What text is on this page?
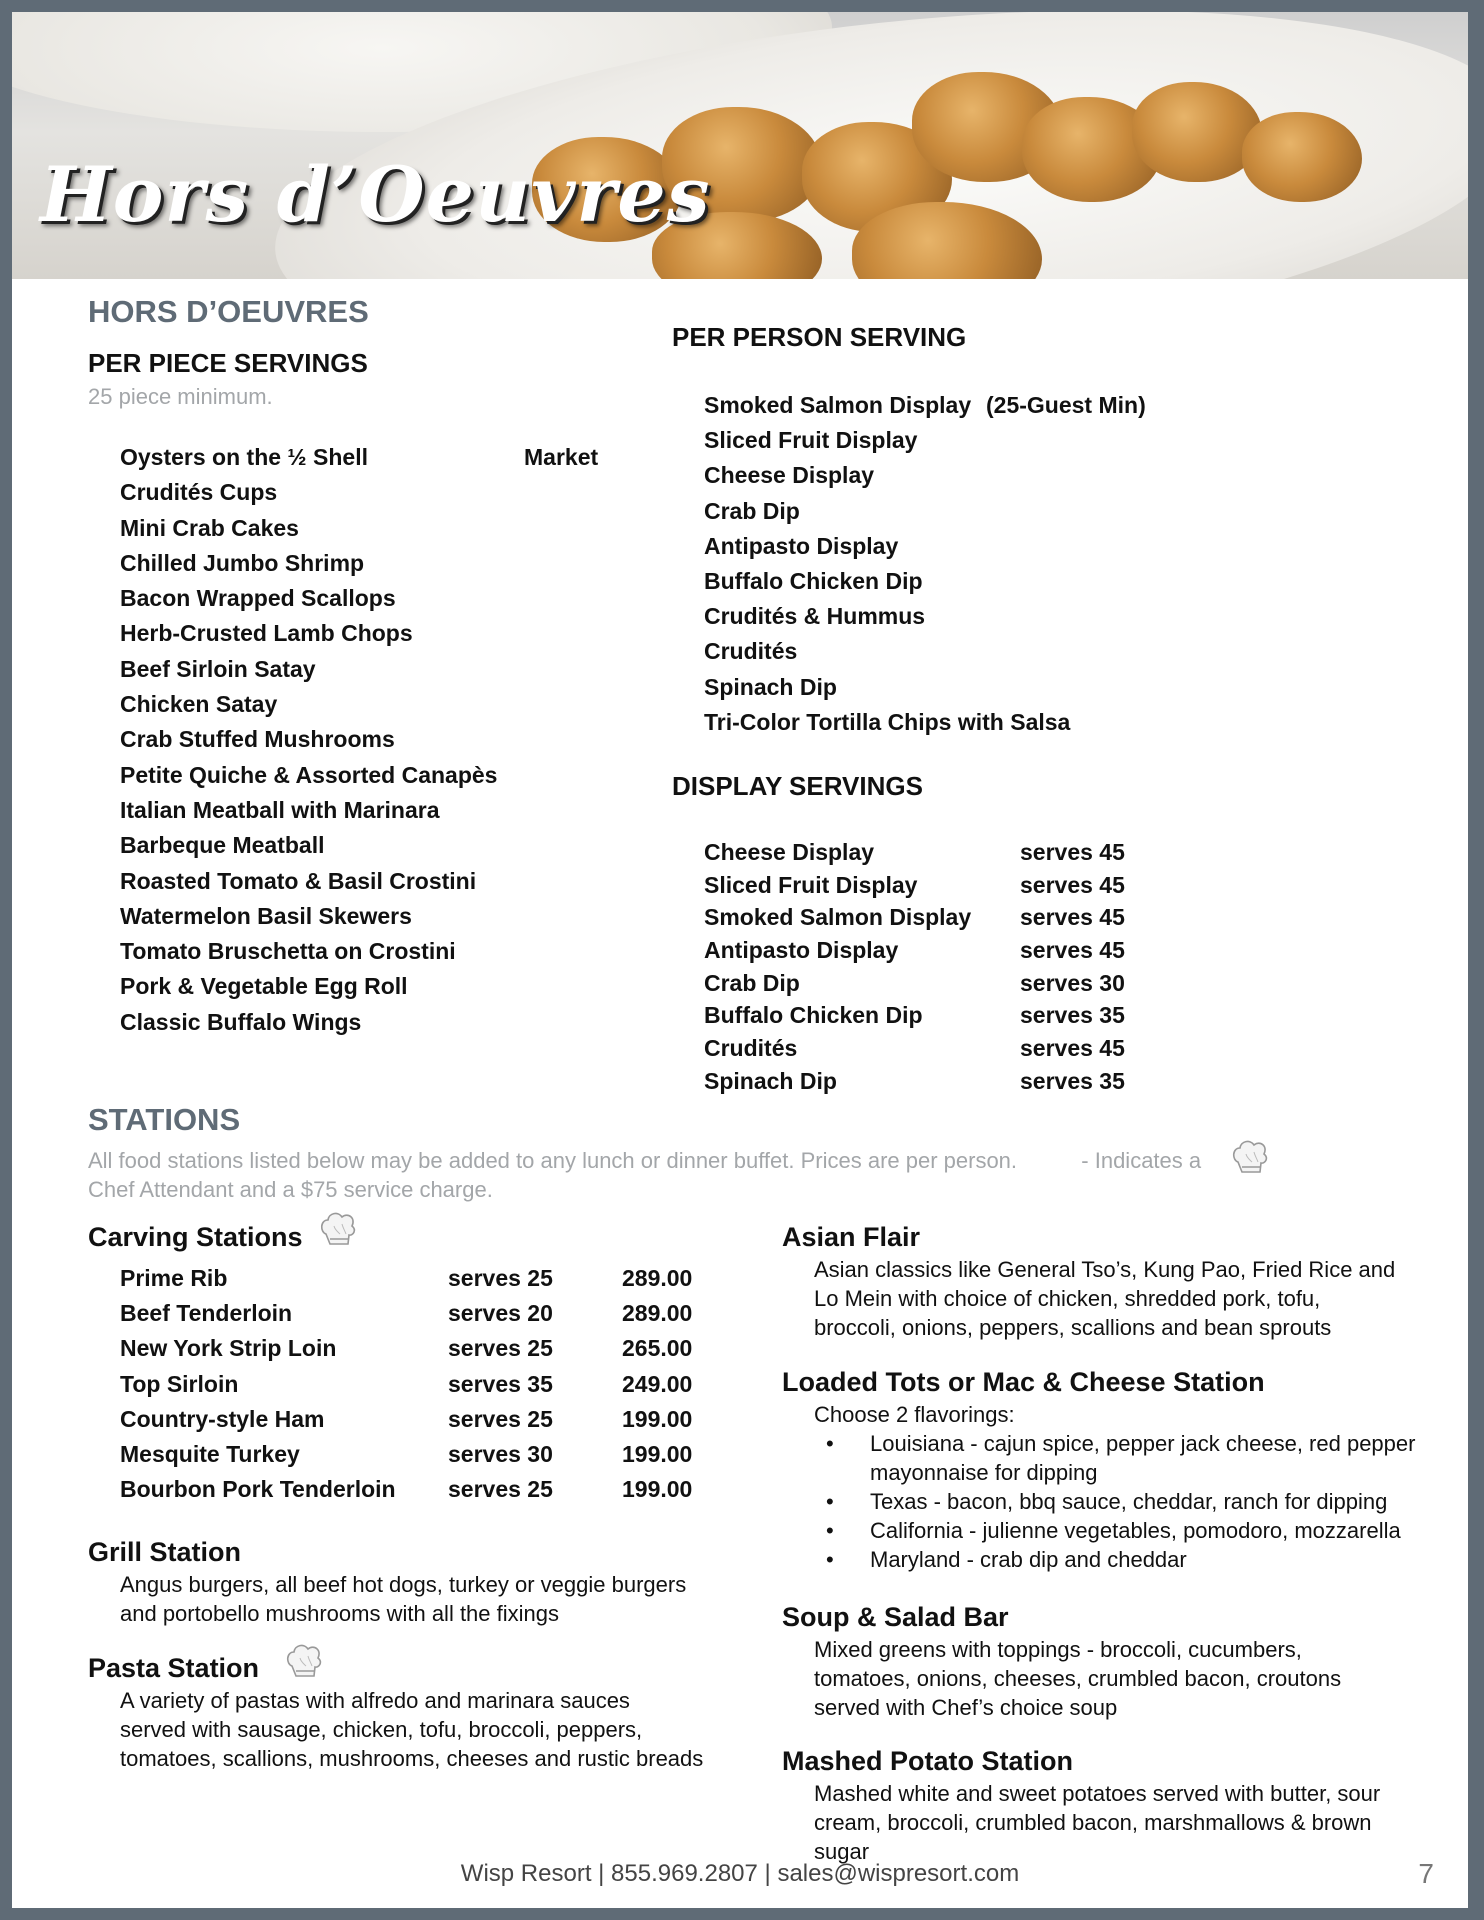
Hors d’Oeuvres
HORS D’OEUVRES
PER PIECE SERVINGS
25 piece minimum.
Oysters on the ½ Shell	Market
Crudités Cups
Mini Crab Cakes
Chilled Jumbo Shrimp
Bacon Wrapped Scallops
Herb-Crusted Lamb Chops
Beef Sirloin Satay
Chicken Satay
Crab Stuffed Mushrooms
Petite Quiche & Assorted Canapès
Italian Meatball with Marinara
Barbeque Meatball
Roasted Tomato & Basil Crostini
Watermelon Basil Skewers
Tomato Bruschetta on Crostini
Pork & Vegetable Egg Roll
Classic Buffalo Wings
PER PERSON SERVING
Smoked Salmon Display (25-Guest Min)
Sliced Fruit Display
Cheese Display
Crab Dip
Antipasto Display
Buffalo Chicken Dip
Crudités & Hummus
Crudités
Spinach Dip
Tri-Color Tortilla Chips with Salsa
DISPLAY SERVINGS
Cheese Display	serves 45
Sliced Fruit Display	serves 45
Smoked Salmon Display serves 45
Antipasto Display	serves 45
Crab Dip	serves 30
Buffalo Chicken Dip	serves 35
Crudités	serves 45
Spinach Dip	serves 35
STATIONS
All food stations listed below may be added to any lunch or dinner buffet. Prices are per person.	- Indicates a
Chef Attendant and a $75 service charge.
Carving Stations
Prime Rib	serves 25	289.00
Beef Tenderloin	serves 20	289.00
New York Strip Loin	serves 25	265.00
Top Sirloin	serves 35	249.00
Country-style Ham	serves 25	199.00
Mesquite Turkey	serves 30	199.00
Bourbon Pork Tenderloin serves 25	199.00
Grill Station

Angus burgers, all beef hot dogs, turkey or veggie burgers
and portobello mushrooms with all the fixings

Pasta Station

A variety of pastas with alfredo and marinara sauces
served with sausage, chicken, tofu, broccoli, peppers,
tomatoes, scallions, mushrooms, cheeses and rustic breads

Asian Flair

Asian classics like General Tso’s, Kung Pao, Fried Rice and
Lo Mein with choice of chicken, shredded pork, tofu,
broccoli, onions, peppers, scallions and bean sprouts

Loaded Tots or Mac & Cheese Station

Choose 2 flavorings:

• Louisiana - cajun spice, pepper jack cheese, red pepper
mayonnaise for dipping
• Texas - bacon, bbq sauce, cheddar, ranch for dipping
• California - julienne vegetables, pomodoro, mozzarella
• Maryland - crab dip and cheddar
Soup & Salad Bar

Mixed greens with toppings - broccoli, cucumbers,
tomatoes, onions, cheeses, crumbled bacon, croutons
served with Chef’s choice soup

Mashed Potato Station

Mashed white and sweet potatoes served with butter, sour
cream, broccoli, crumbled bacon, marshmallows & brown
sugar

Wisp Resort | 855.969.2807 | sales@wispresort.com	7
